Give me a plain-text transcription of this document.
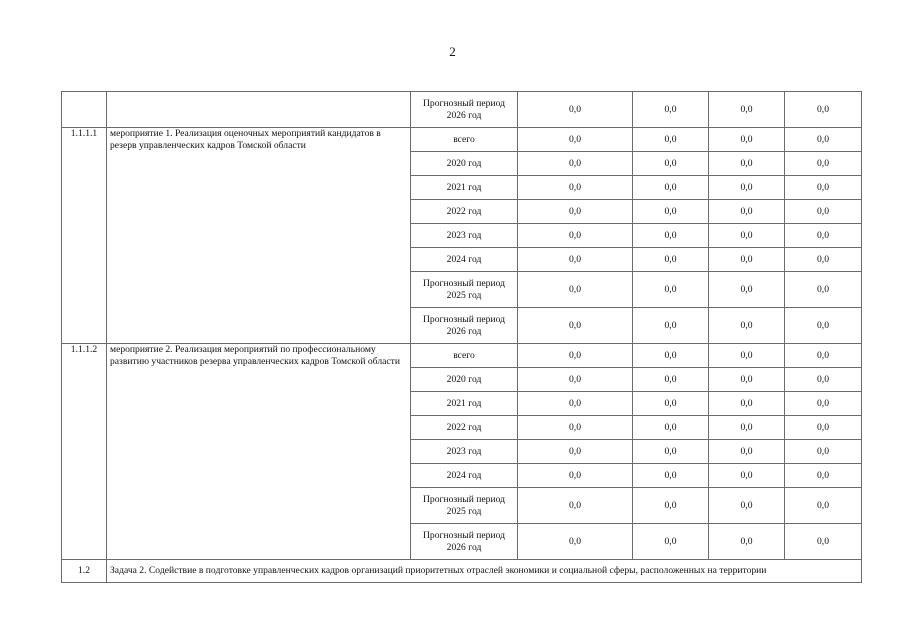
2
		Прогнозный период 2026 год	0,0	0,0	0,0	0,0
1.1.1.1	мероприятие 1. Реализация оценочных мероприятий кандидатов в резерв управленческих кадров Томской области	всего	0,0	0,0	0,0	0,0
		2020 год	0,0	0,0	0,0	0,0
		2021 год	0,0	0,0	0,0	0,0
		2022 год	0,0	0,0	0,0	0,0
		2023 год	0,0	0,0	0,0	0,0
		2024 год	0,0	0,0	0,0	0,0
		Прогнозный период 2025 год	0,0	0,0	0,0	0,0
		Прогнозный период 2026 год	0,0	0,0	0,0	0,0
1.1.1.2	мероприятие 2. Реализация мероприятий по профессиональному развитию участников резерва управленческих кадров Томской области	всего	0,0	0,0	0,0	0,0
		2020 год	0,0	0,0	0,0	0,0
		2021 год	0,0	0,0	0,0	0,0
		2022 год	0,0	0,0	0,0	0,0
		2023 год	0,0	0,0	0,0	0,0
		2024 год	0,0	0,0	0,0	0,0
		Прогнозный период 2025 год	0,0	0,0	0,0	0,0
		Прогнозный период 2026 год	0,0	0,0	0,0	0,0
1.2	Задача 2. Содействие в подготовке управленческих кадров организаций приоритетных отраслей экономики и социальной сферы, расположенных на территории					
